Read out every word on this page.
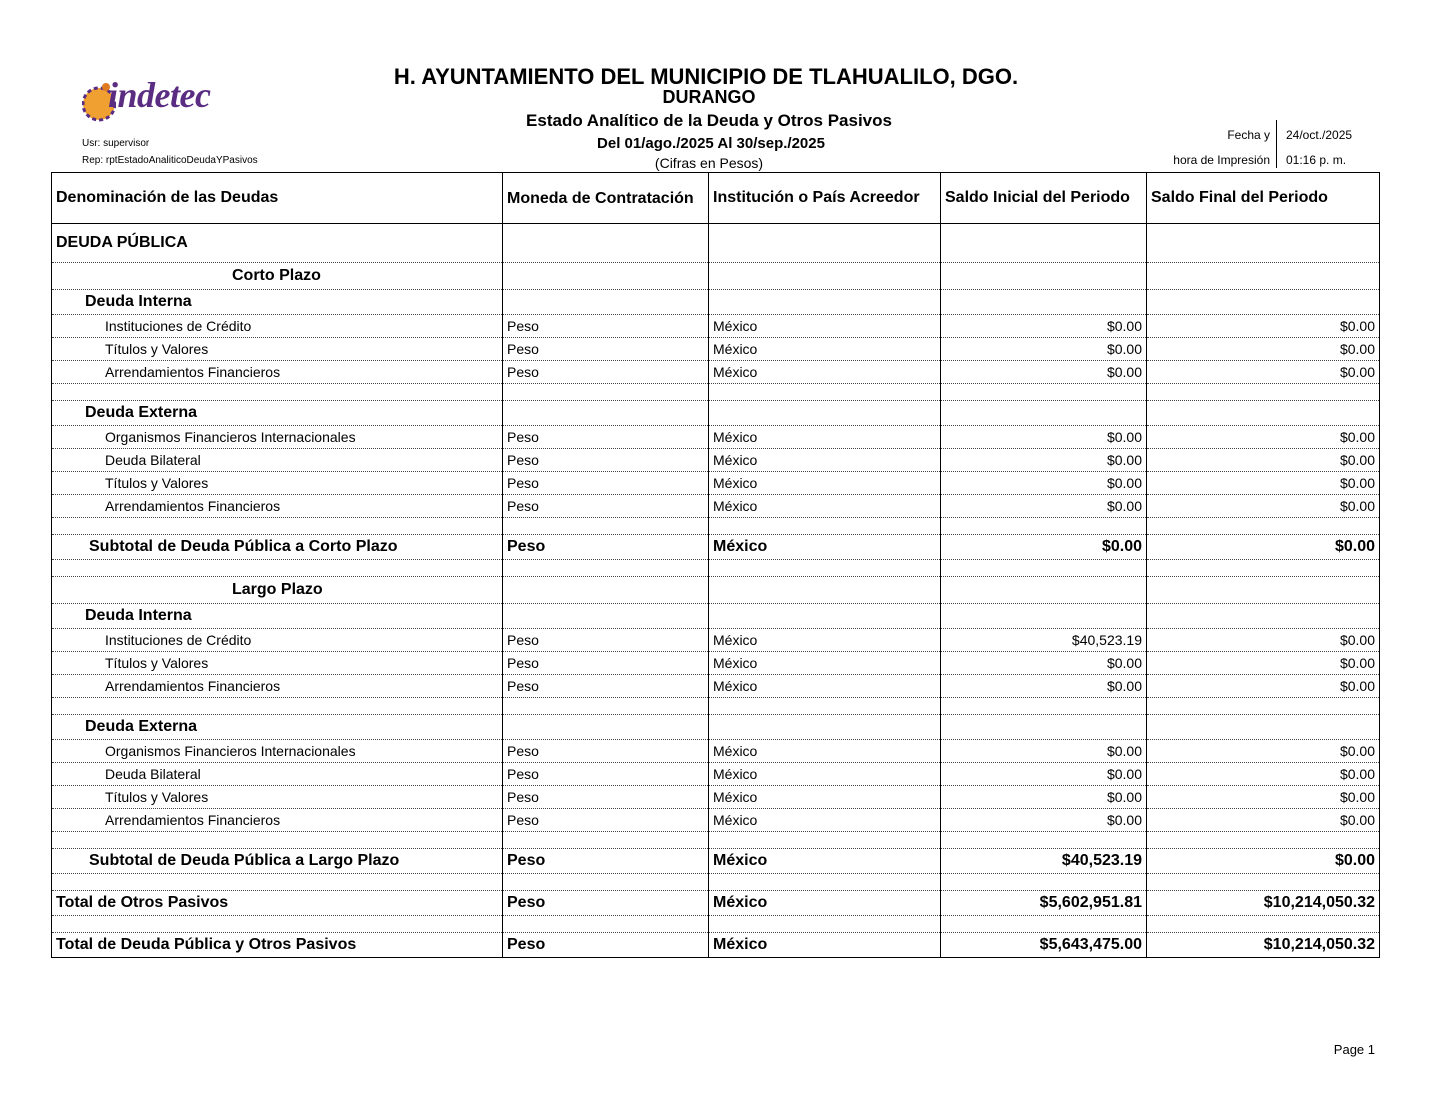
indetec	H. AYUNTAMIENTO DEL MUNICIPIO DE TLAHUALILO, DGO.
DURANGO
Estado Analítico de la Deuda y Otros Pasivos
Del 01/ago./2025 Al 30/sep./2025
(Cifras en Pesos)
Usr: supervisor
Rep: rptEstadoAnaliticoDeudaYPasivos
Fecha y 24/oct./2025
hora de Impresión 01:16 p. m.
Denominación de las Deudas	Moneda de Contratación	Institución o País Acreedor	Saldo Inicial del Periodo	Saldo Final del Periodo
DEUDA PÚBLICA				
Corto Plazo				
Deuda Interna				
Instituciones de Crédito	Peso	México	$0.00	$0.00
Títulos y Valores	Peso	México	$0.00	$0.00
Arrendamientos Financieros	Peso	México	$0.00	$0.00

Deuda Externa				
Organismos Financieros Internacionales	Peso	México	$0.00	$0.00
Deuda Bilateral	Peso	México	$0.00	$0.00
Títulos y Valores	Peso	México	$0.00	$0.00
Arrendamientos Financieros	Peso	México	$0.00	$0.00

Subtotal de Deuda Pública a Corto Plazo	Peso	México	$0.00	$0.00

Largo Plazo				
Deuda Interna				
Instituciones de Crédito	Peso	México	$40,523.19	$0.00
Títulos y Valores	Peso	México	$0.00	$0.00
Arrendamientos Financieros	Peso	México	$0.00	$0.00

Deuda Externa				
Organismos Financieros Internacionales	Peso	México	$0.00	$0.00
Deuda Bilateral	Peso	México	$0.00	$0.00
Títulos y Valores	Peso	México	$0.00	$0.00
Arrendamientos Financieros	Peso	México	$0.00	$0.00

Subtotal de Deuda Pública a Largo Plazo	Peso	México	$40,523.19	$0.00

Total de Otros Pasivos	Peso	México	$5,602,951.81	$10,214,050.32

Total de Deuda Pública y Otros Pasivos	Peso	México	$5,643,475.00	$10,214,050.32
Page 1
